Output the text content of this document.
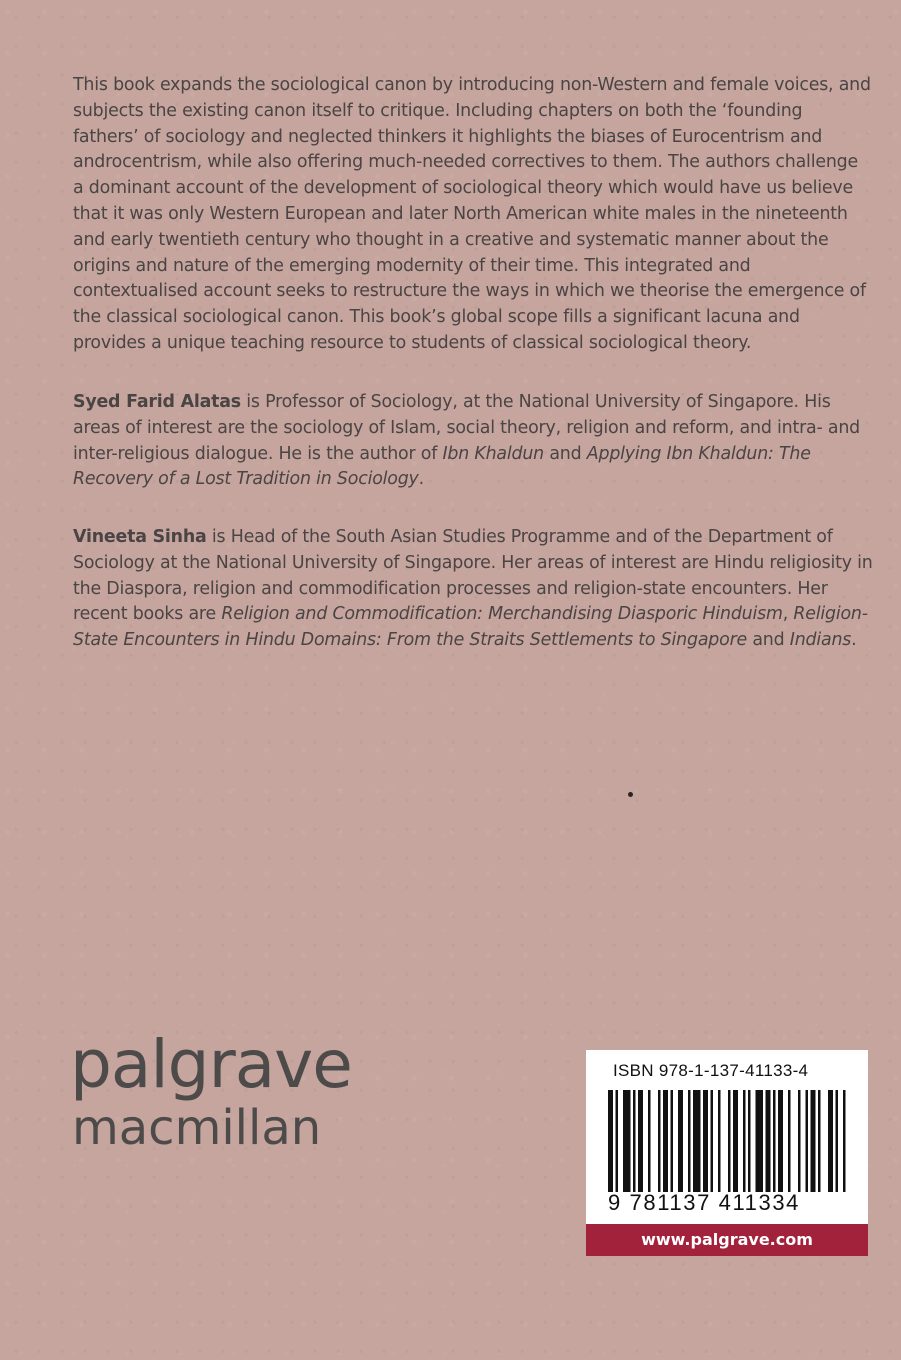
This book expands the sociological canon by introducing non-Western and female voices, and subjects the existing canon itself to critique. Including chapters on both the ‘founding fathers’ of sociology and neglected thinkers it highlights the biases of Eurocentrism and androcentrism, while also offering much-needed correctives to them. The authors challenge a dominant account of the development of sociological theory which would have us believe that it was only Western European and later North American white males in the nineteenth and early twentieth century who thought in a creative and systematic manner about the origins and nature of the emerging modernity of their time. This integrated and contextualised account seeks to restructure the ways in which we theorise the emergence of the classical sociological canon. This book’s global scope fills a significant lacuna and provides a unique teaching resource to students of classical sociological theory.

Syed Farid Alatas is Professor of Sociology, at the National University of Singapore. His areas of interest are the sociology of Islam, social theory, religion and reform, and intra- and inter-religious dialogue. He is the author of Ibn Khaldun and Applying Ibn Khaldun: The Recovery of a Lost Tradition in Sociology.

Vineeta Sinha is Head of the South Asian Studies Programme and of the Department of Sociology at the National University of Singapore. Her areas of interest are Hindu religiosity in the Diaspora, religion and commodification processes and religion-state encounters. Her recent books are Religion and Commodification: Merchandising Diasporic Hinduism, Religion-State Encounters in Hindu Domains: From the Straits Settlements to Singapore and Indians.

palgrave
macmillan
ISBN 978-1-137-41133-4
9 781137 411334
www.palgrave.com
